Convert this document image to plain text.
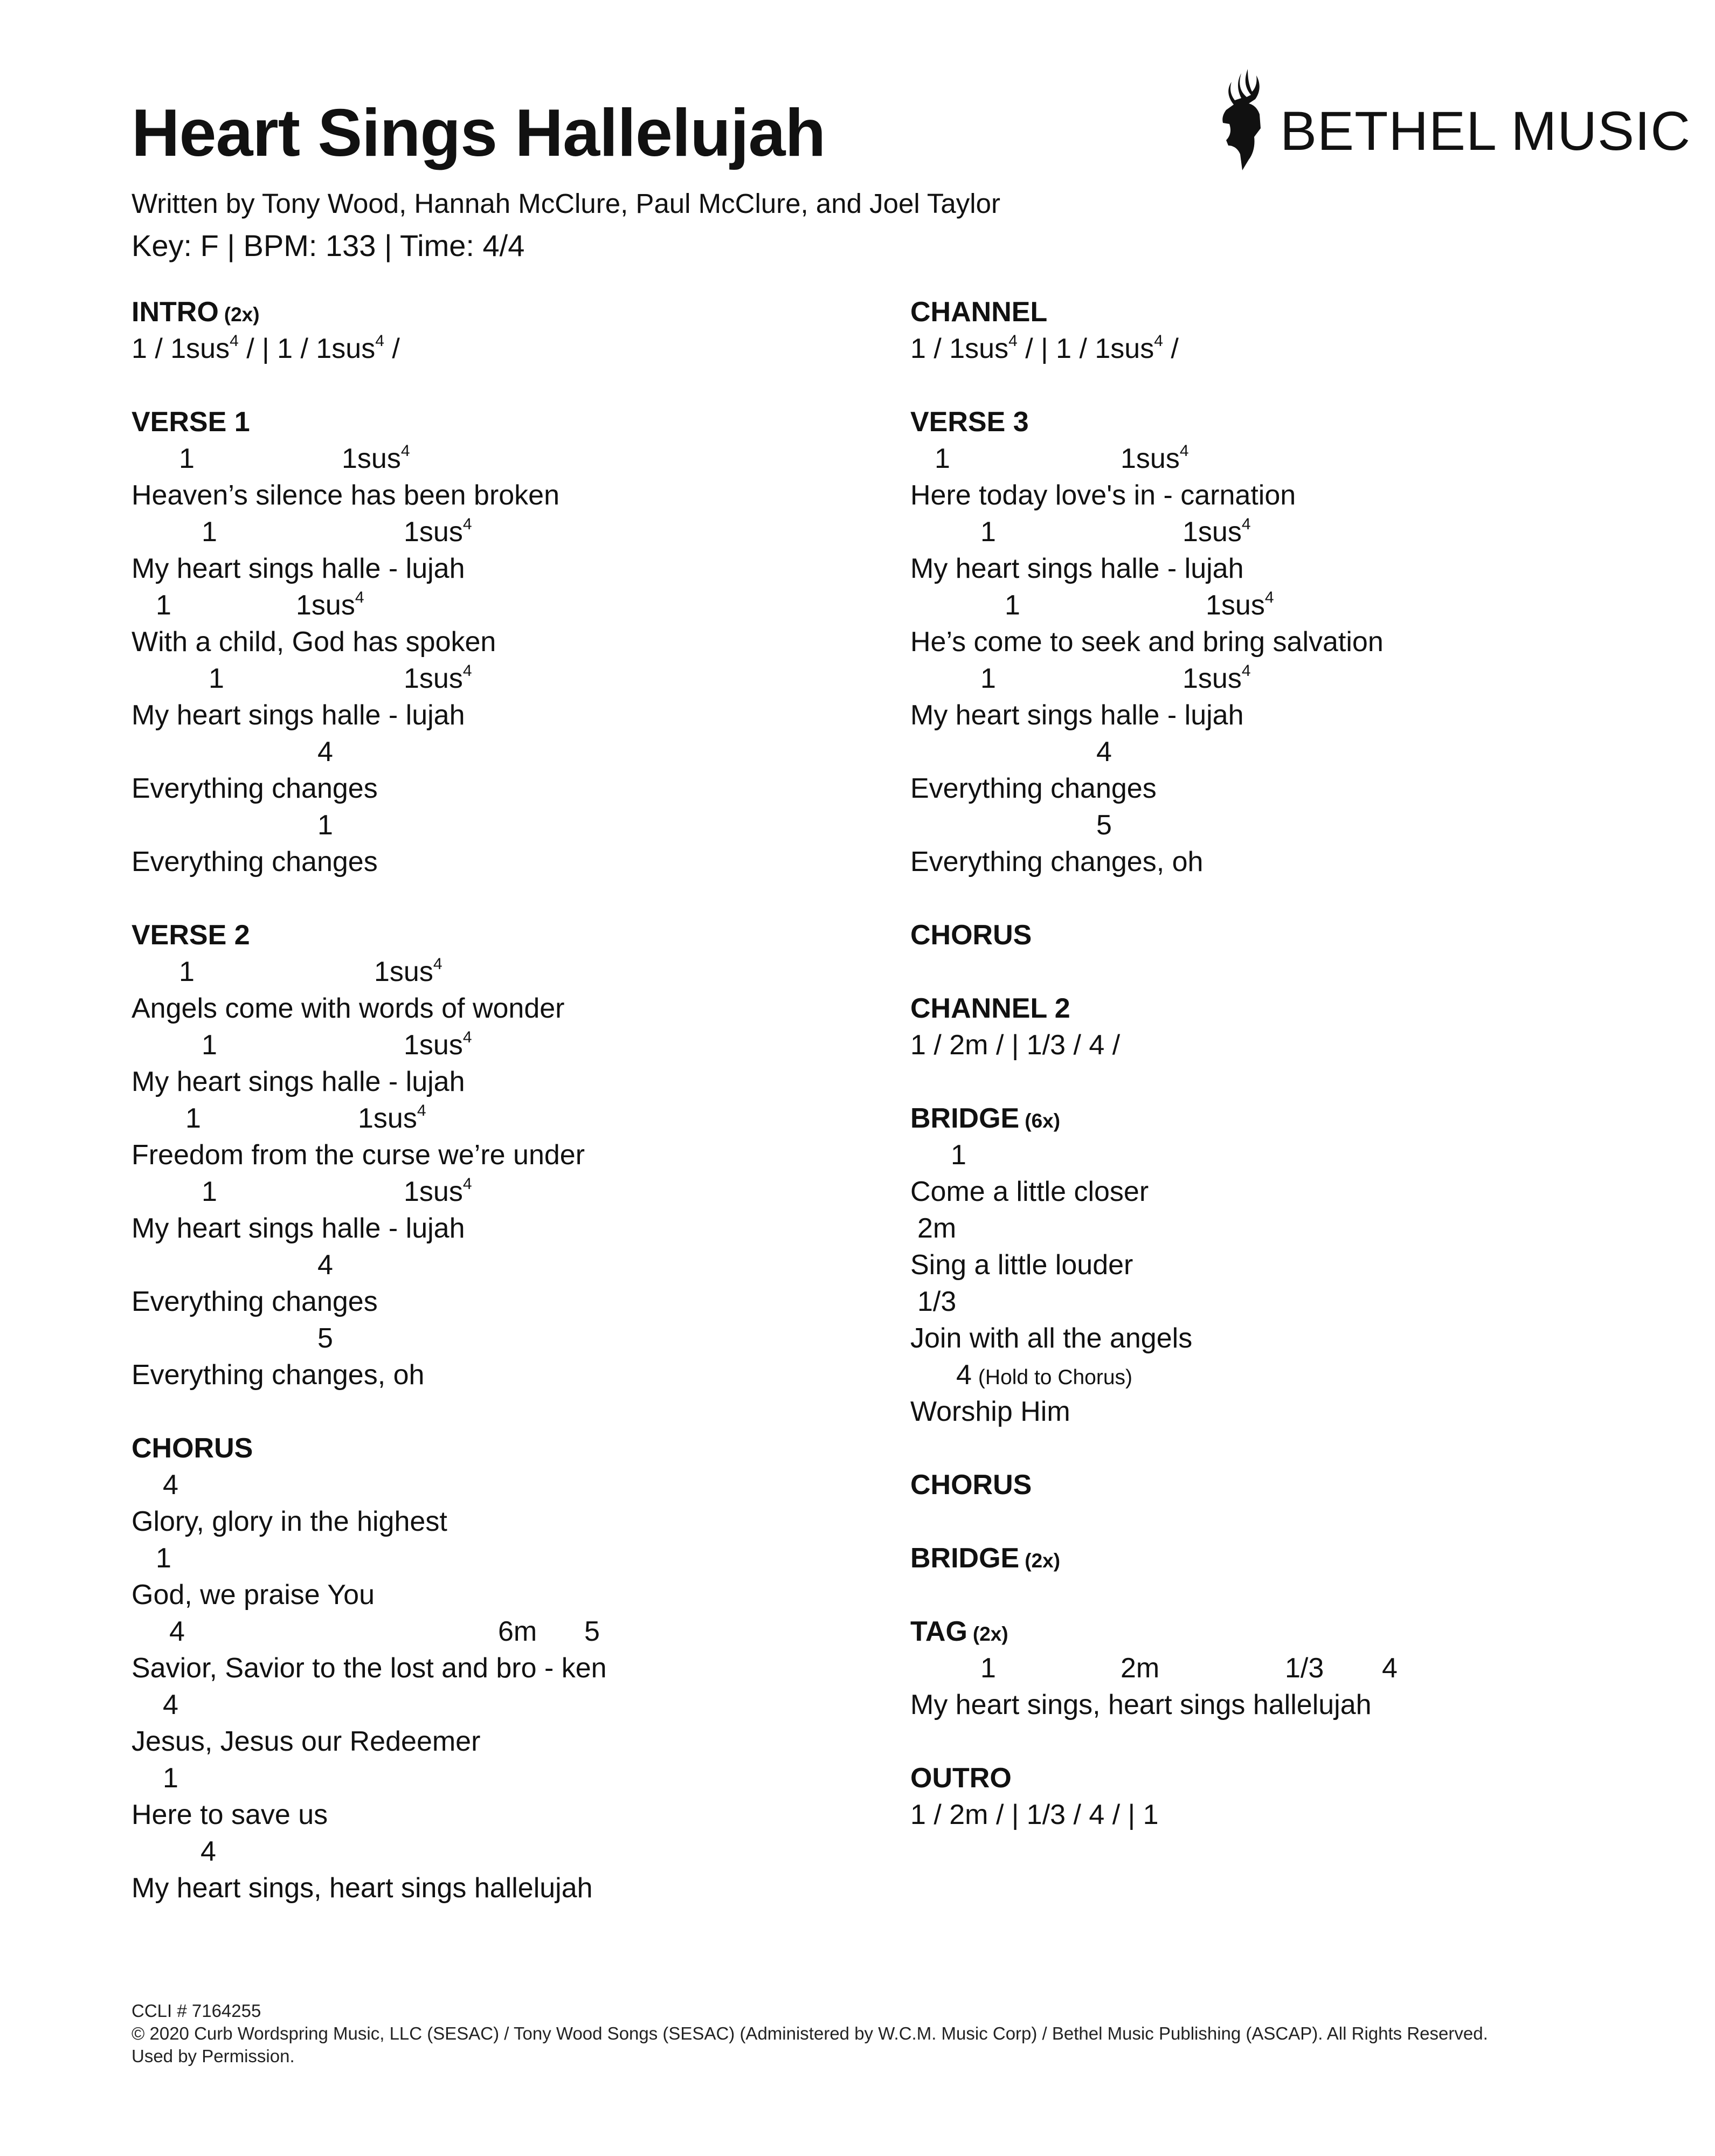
Heart Sings Hallelujah
Written by Tony Wood, Hannah McClure, Paul McClure, and Joel Taylor
Key: F | BPM: 133 | Time: 4/4
BETHEL MUSIC
INTRO (2x)
1 / 1sus$^4$ / | 1 / 1sus$^4$ /
VERSE 1
1	1sus$^4$
Heaven’s silence has been broken
1	1sus$^4$
My heart sings halle - lujah
1	1sus$^4$
With a child, God has spoken
1	1sus$^4$
My heart sings halle - lujah
4
Everything changes
1
Everything changes
VERSE 2
1	1sus$^4$
Angels come with words of wonder
1	1sus$^4$
My heart sings halle - lujah
1	1sus$^4$
Freedom from the curse we’re under
1	1sus$^4$
My heart sings halle - lujah
4
Everything changes
5
Everything changes, oh
CHORUS
4
Glory, glory in the highest
1
God, we praise You
4	6m 5
Savior, Savior to the lost and bro - ken
4
Jesus, Jesus our Redeemer
1
Here to save us
4
My heart sings, heart sings hallelujah
CHANNEL
1 / 1sus$^4$ / | 1 / 1sus$^4$ /
VERSE 3
1	1sus$^4$
Here today love's in - carnation
1	1sus$^4$
My heart sings halle - lujah
1	1sus$^4$
He’s come to seek and bring salvation
1	1sus$^4$
My heart sings halle - lujah
4
Everything changes
5
Everything changes, oh
CHORUS
CHANNEL 2
1 / 2m / | 1/3 / 4 /
BRIDGE (6x)
1
Come a little closer
2m
Sing a little louder
1/3
Join with all the angels
4 (Hold to Chorus)
Worship Him
CHORUS
BRIDGE (2x)
TAG (2x)
1	2m	1/3 4
My heart sings, heart sings hallelujah
OUTRO
1 / 2m / | 1/3 / 4 / | 1
CCLI # 7164255
© 2020 Curb Wordspring Music, LLC (SESAC) / Tony Wood Songs (SESAC) (Administered by W.C.M. Music Corp) / Bethel Music Publishing (ASCAP). All Rights Reserved.
Used by Permission.
